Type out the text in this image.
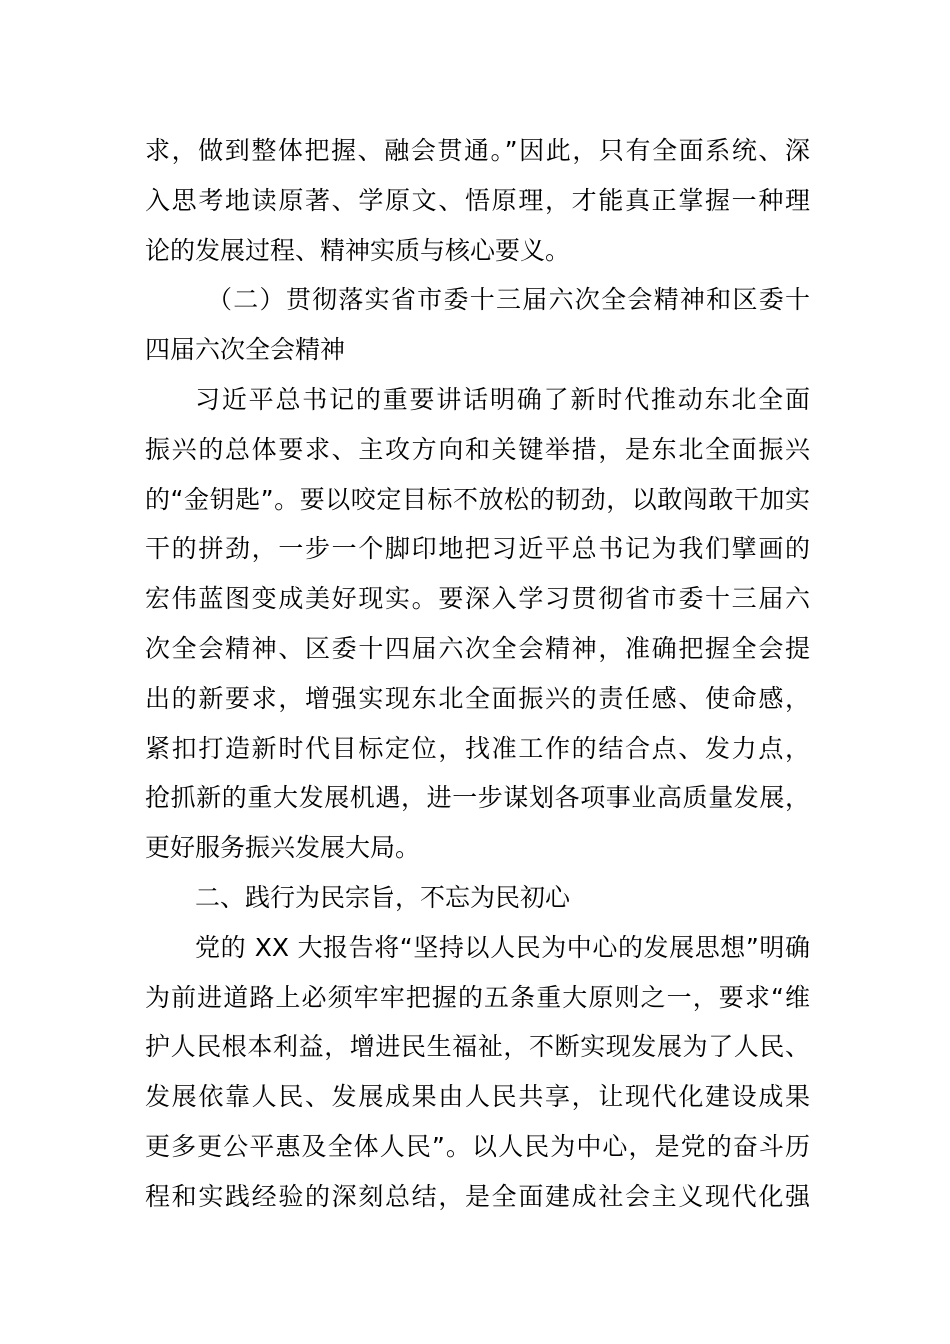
求，做到整体把握、融会贯通。”因此，只有全面系统、深
入思考地读原著、学原文、悟原理，才能真正掌握一种理
论的发展过程、精神实质与核心要义。
（二）贯彻落实省市委十三届六次全会精神和区委十
四届六次全会精神
习近平总书记的重要讲话明确了新时代推动东北全面
振兴的总体要求、主攻方向和关键举措，是东北全面振兴
的“金钥匙”。要以咬定目标不放松的韧劲，以敢闯敢干加实
干的拼劲，一步一个脚印地把习近平总书记为我们擘画的
宏伟蓝图变成美好现实。要深入学习贯彻省市委十三届六
次全会精神、区委十四届六次全会精神，准确把握全会提
出的新要求，增强实现东北全面振兴的责任感、使命感，
紧扣打造新时代目标定位，找准工作的结合点、发力点，
抢抓新的重大发展机遇，进一步谋划各项事业高质量发展，
更好服务振兴发展大局。
二、践行为民宗旨，不忘为民初心
党的 XX 大报告将“坚持以人民为中心的发展思想”明确
为前进道路上必须牢牢把握的五条重大原则之一，要求“维
护人民根本利益，增进民生福祉，不断实现发展为了人民、
发展依靠人民、发展成果由人民共享，让现代化建设成果
更多更公平惠及全体人民”。以人民为中心，是党的奋斗历
程和实践经验的深刻总结，是全面建成社会主义现代化强
